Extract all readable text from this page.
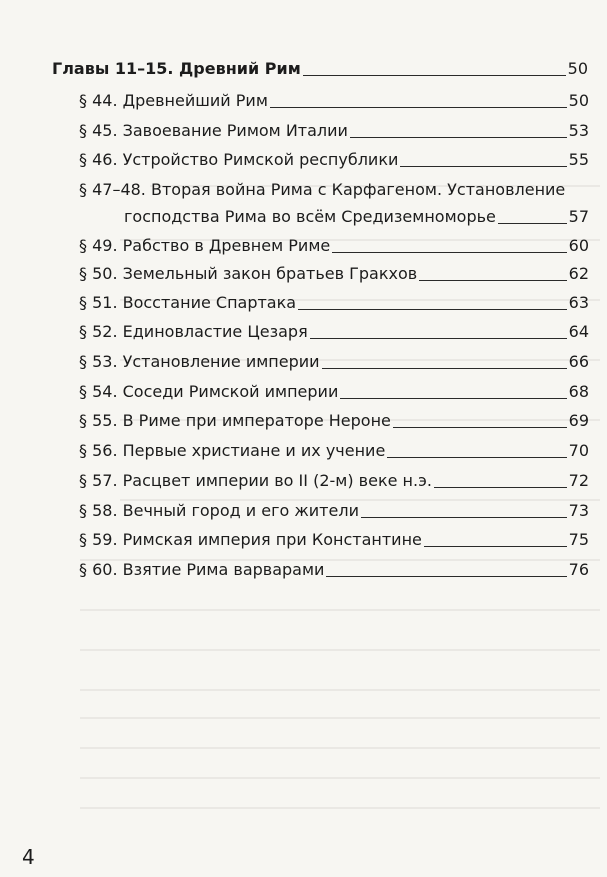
Главы 11–15. Древний Рим	50
§ 44. Древнейший Рим	50
§ 45. Завоевание Римом Италии	53
§ 46. Устройство Римской республики	55
§ 47–48. Вторая война Рима с Карфагеном. Установление
господства Рима во всём Средиземноморье	57
§ 49. Рабство в Древнем Риме	60
§ 50. Земельный закон братьев Гракхов	62
§ 51. Восстание Спартака	63
§ 52. Единовластие Цезаря	64
§ 53. Установление империи	66
§ 54. Соседи Римской империи	68
§ 55. В Риме при императоре Нероне	69
§ 56. Первые христиане и их учение	70
§ 57. Расцвет империи во II (2-м) веке н.э.	72
§ 58. Вечный город и его жители	73
§ 59. Римская империя при Константине	75
§ 60. Взятие Рима варварами	76
4
